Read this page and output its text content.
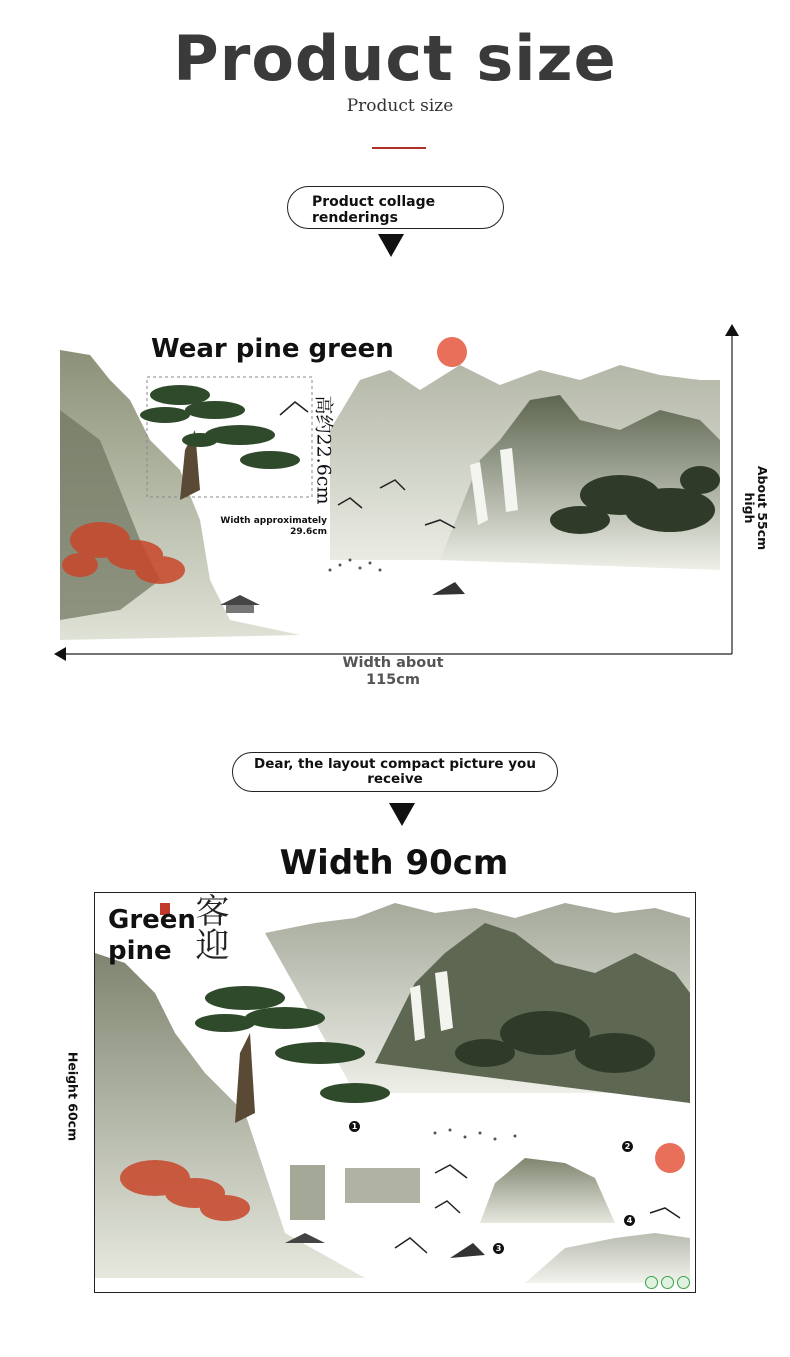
Product size
Product size
Product collage renderings
Wear pine green
高约22.6cm
Width approximately 29.6cm	About 55cm high
Width about 115cm
Dear, the layout compact picture you receive
Width 90cm
Green pine 客迎
1
2
3
4
Height 60cm
